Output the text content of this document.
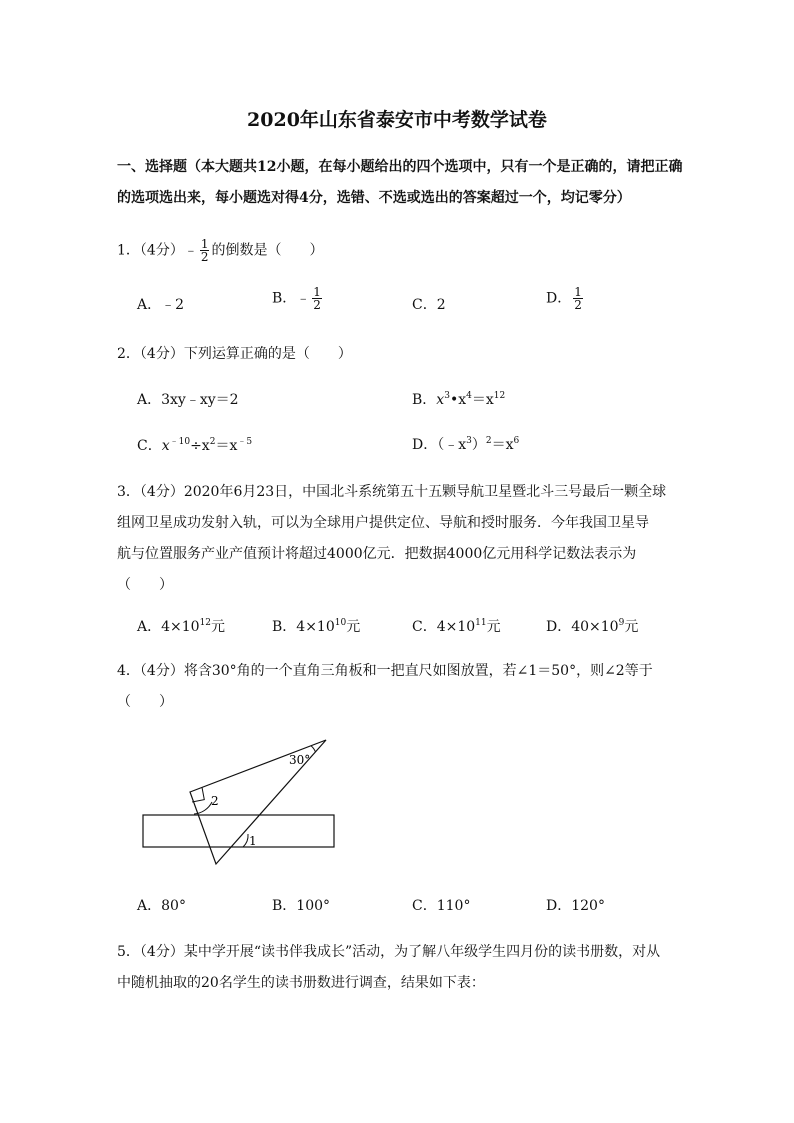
2020年山东省泰安市中考数学试卷
一、选择题（本大题共12小题，在每小题给出的四个选项中，只有一个是正确的，请把正确的选项选出来，每小题选对得4分，选错、不选或选出的答案超过一个，均记零分）
1．（4分）﹣ $\frac{1}{2}$ 的倒数是（　　）
A．﹣2	B．﹣ $\frac{1}{2}$	C．2	D． $\frac{1}{2}$
2．（4分）下列运算正确的是（　　）
A．3xy﹣xy＝2	B．$x^3•x^4=x^{12}$
C．$x^{﹣10}\div x^2=x^{﹣5}$	D．$(﹣x^3)^2=x^6$
3．（4分）2020年6月23日，中国北斗系统第五十五颗导航卫星暨北斗三号最后一颗全球
组网卫星成功发射入轨，可以为全球用户提供定位、导航和授时服务．今年我国卫星导
航与位置服务产业产值预计将超过4000亿元．把数据4000亿元用科学记数法表示为
（　　）
A．$4\times 10^{12}$元	B．$4\times 10^{10}$元	C．$4\times 10^{11}$元	D．$40\times 10^9$元
4．（4分）将含30°角的一个直角三角板和一把直尺如图放置，若∠1＝50°，则∠2等于
（　　）
30°
2
1
A．80°	B．100°	C．110°	D．120°
5．（4分）某中学开展“读书伴我成长”活动，为了解八年级学生四月份的读书册数，对从
中随机抽取的20名学生的读书册数进行调查，结果如下表：
